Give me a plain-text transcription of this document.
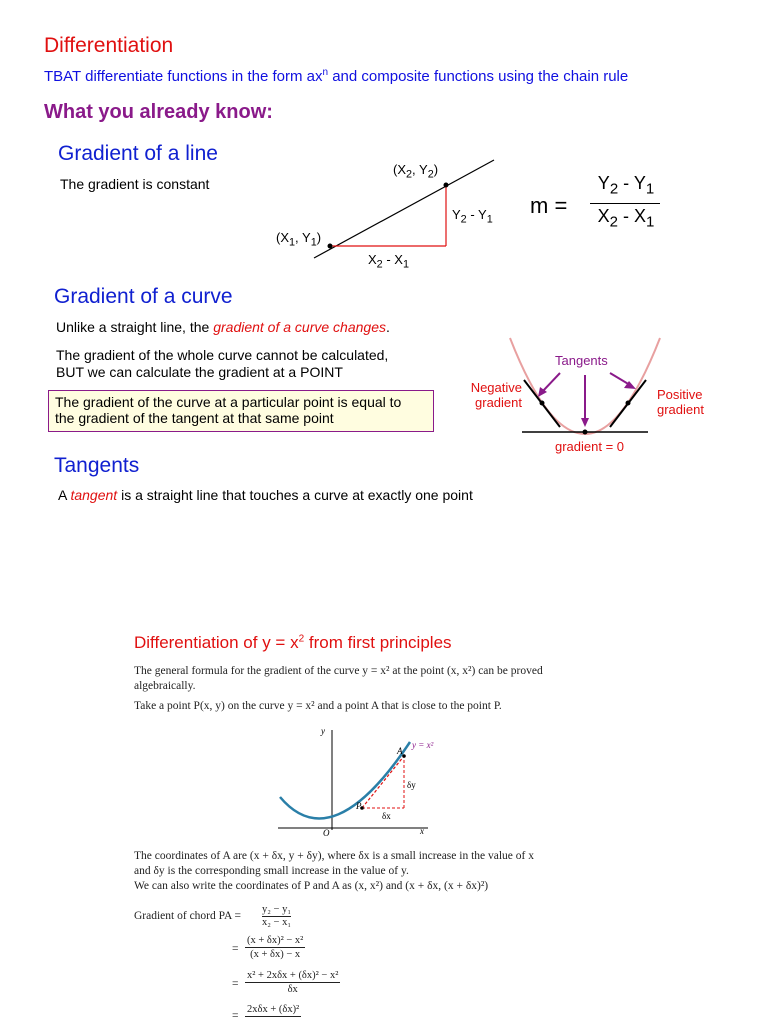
Differentiation
TBAT differentiate functions in the form $ax^n$ and composite functions using the chain rule
What you already know:
Gradient of a line
The gradient is constant
($X_1$, $Y_1$)
($X_2$, $Y_2$)
$Y_2 - Y_1$
$X_2 - X_1$
m =
$Y_2 - Y_1$
$X_2 - X_1$
Gradient of a curve
Unlike a straight line, the gradient of a curve changes.
The gradient of the whole curve cannot be calculated,
BUT we can calculate the gradient at a POINT
The gradient of the curve at a particular point is equal to
the gradient of the tangent at that same point
Tangents
Negative
gradient
Positive
gradient
gradient = 0
Tangents
A tangent is a straight line that touches a curve at exactly one point
Differentiation of $y = x^2$ from first principles
The general formula for the gradient of the curve y = x² at the point (x, x²) can be proved
algebraically.
Take a point P(x, y) on the curve y = x² and a point A that is close to the point P.
y
x
O
y = x²
A
P
δy
δx
The coordinates of A are (x + δx, y + δy), where δx is a small increase in the value of x
and δy is the corresponding small increase in the value of y.
We can also write the coordinates of P and A as (x, x²) and (x + δx, (x + δx)²)
Gradient of chord PA = $\frac{\text{y₂ − y₁}}{\text{x₂ − x₁}}$
= $\frac{\text{(x + δx)² − x²}}{(x + \delta x) - x}$
=
x² + 2xδx + (δx)² − x²
δx
=
2xδx + (δx)²
